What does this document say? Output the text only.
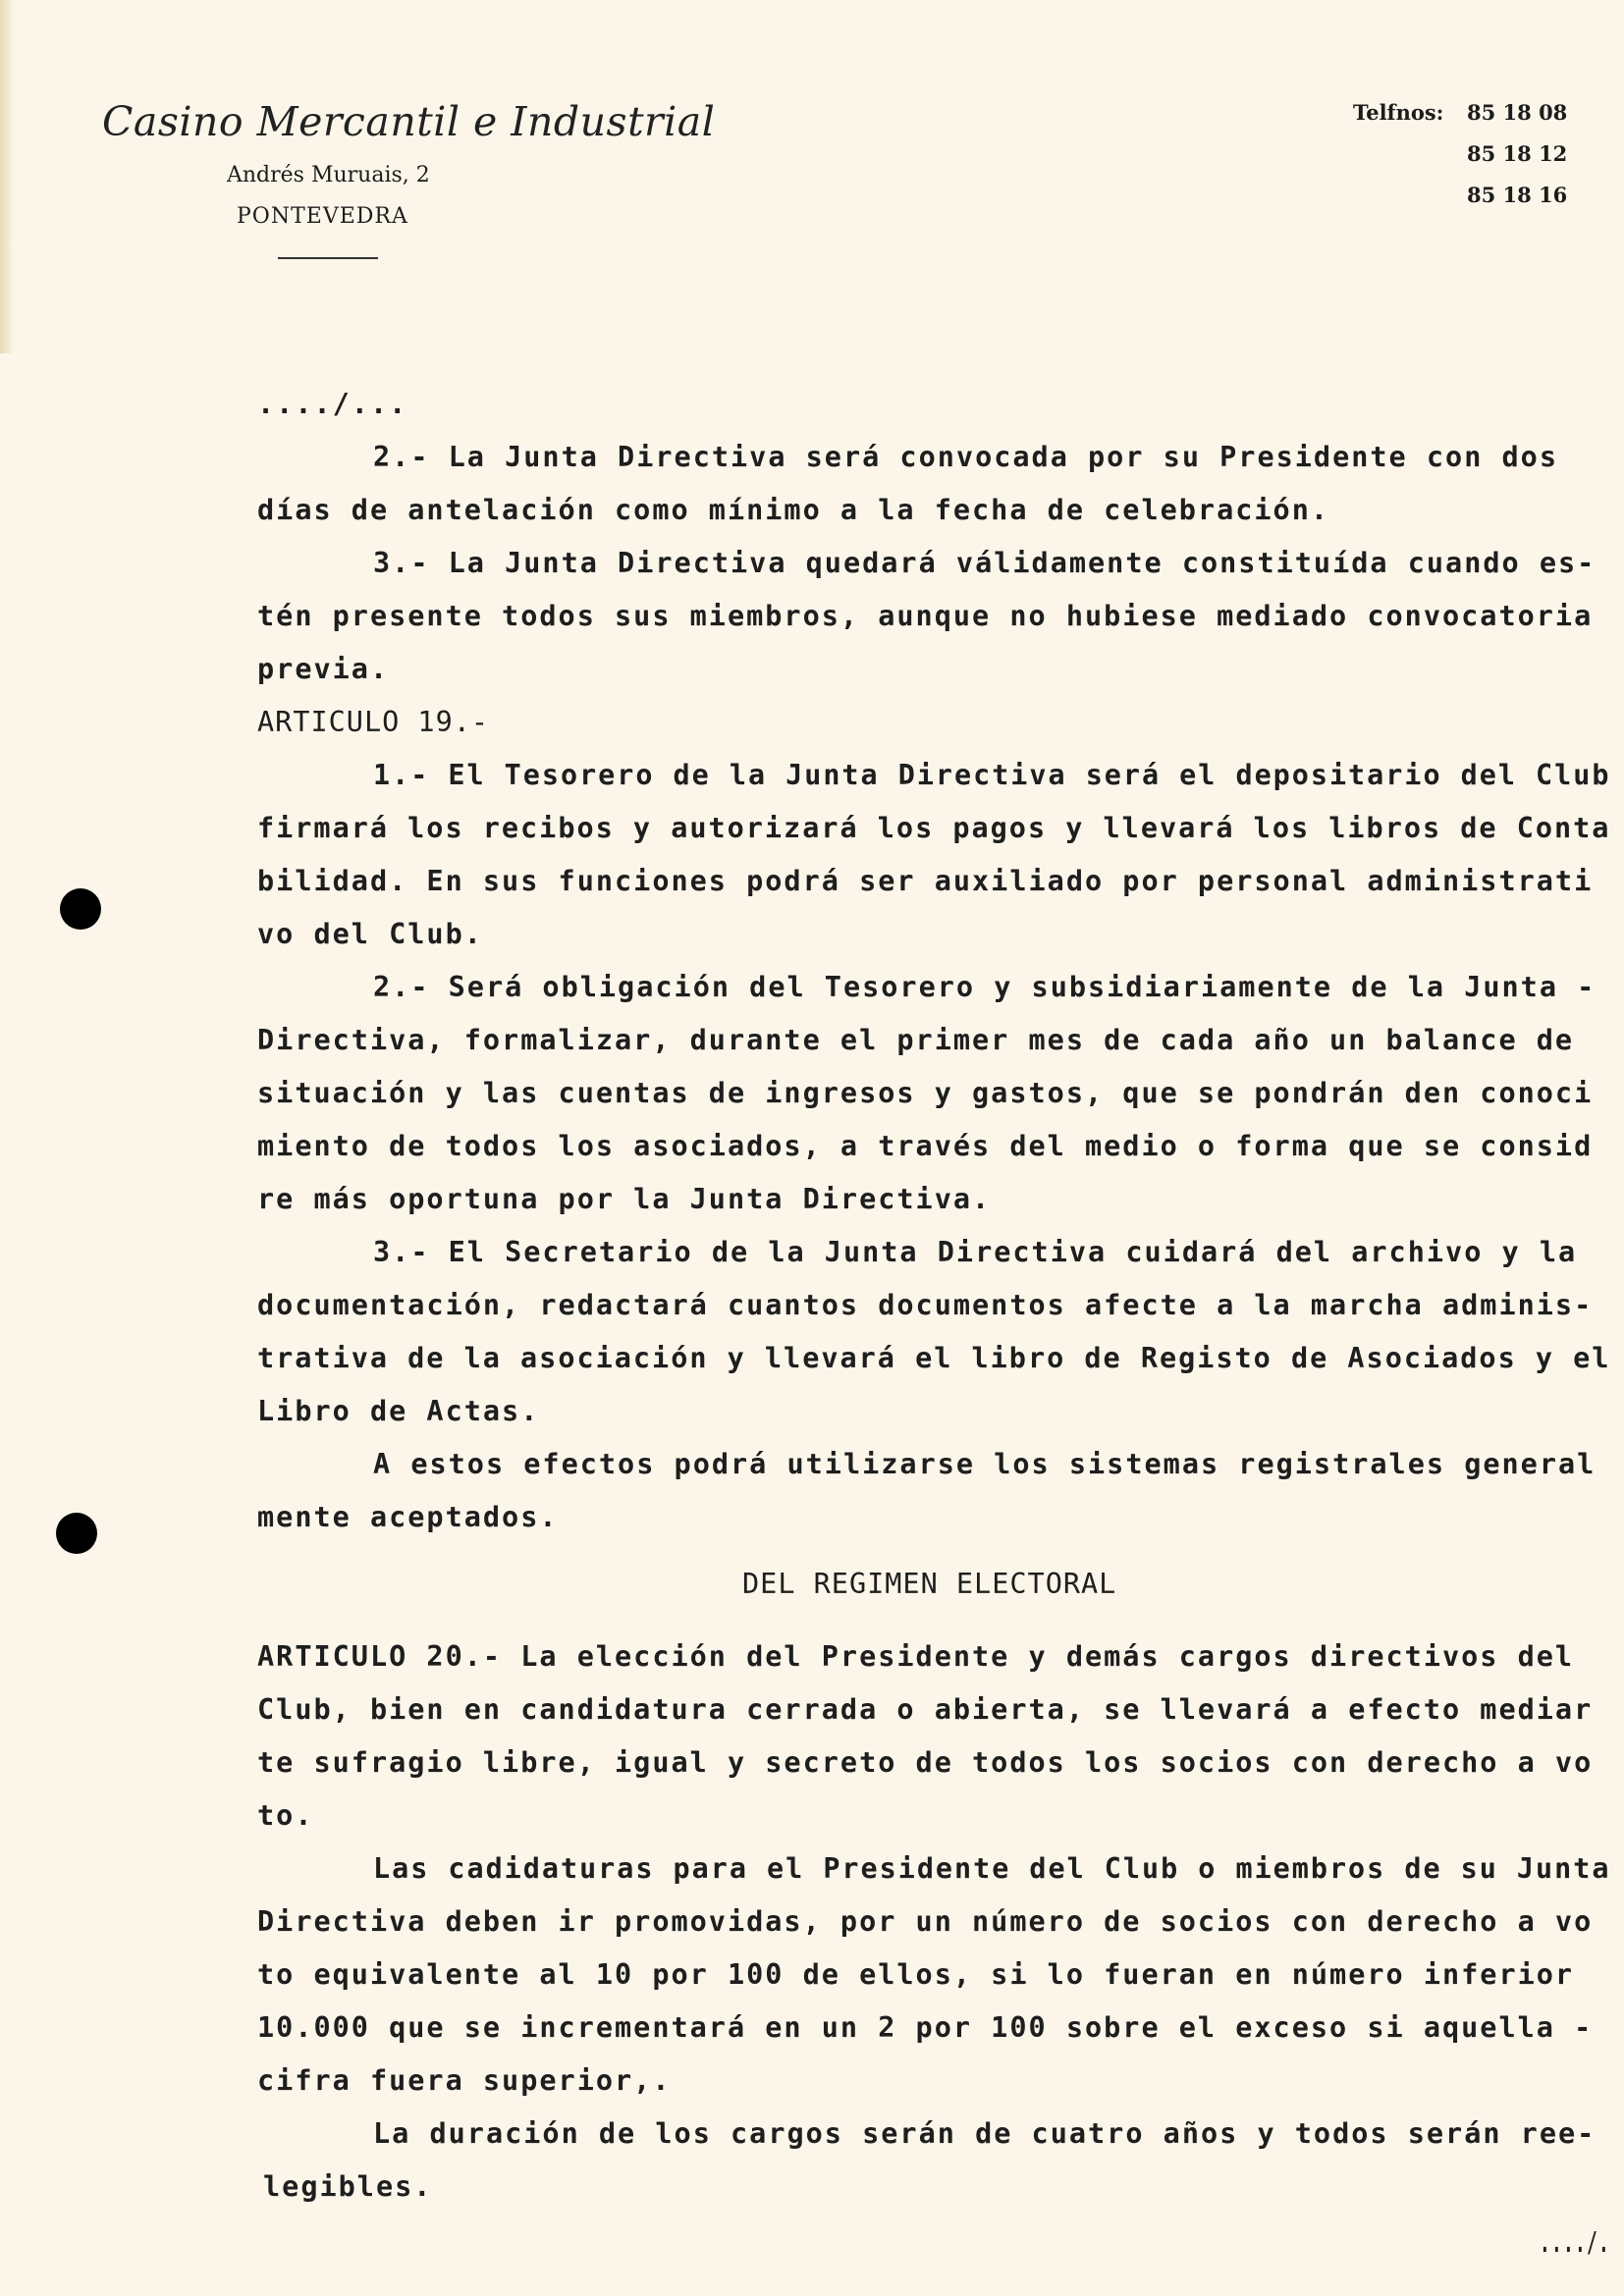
Casino Mercantil e Industrial
Andrés Muruais, 2
PONTEVEDRA
Telfnos: 85 18 08
85 18 12
85 18 16
..../...
2.- La Junta Directiva será convocada por su Presidente con dos
días de antelación como mínimo a la fecha de celebración.
3.- La Junta Directiva quedará válidamente constituída cuando es-
tén presente todos sus miembros, aunque no hubiese mediado convocatoria
previa.
ARTICULO 19.-
1.- El Tesorero de la Junta Directiva será el depositario del Club
firmará los recibos y autorizará los pagos y llevará los libros de Conta
bilidad. En sus funciones podrá ser auxiliado por personal administrati
vo del Club.
2.- Será obligación del Tesorero y subsidiariamente de la Junta -
Directiva, formalizar, durante el primer mes de cada año un balance de
situación y las cuentas de ingresos y gastos, que se pondrán den conoci
miento de todos los asociados, a través del medio o forma que se consid
re más oportuna por la Junta Directiva.
3.- El Secretario de la Junta Directiva cuidará del archivo y la
documentación, redactará cuantos documentos afecte a la marcha adminis-
trativa de la asociación y llevará el libro de Registo de Asociados y el
Libro de Actas.
A estos efectos podrá utilizarse los sistemas registrales general
mente aceptados.
DEL REGIMEN ELECTORAL
ARTICULO 20.- La elección del Presidente y demás cargos directivos del
Club, bien en candidatura cerrada o abierta, se llevará a efecto mediar
te sufragio libre, igual y secreto de todos los socios con derecho a vo
to.
Las cadidaturas para el Presidente del Club o miembros de su Junta
Directiva deben ir promovidas, por un número de socios con derecho a vo
to equivalente al 10 por 100 de ellos, si lo fueran en número inferior
10.000 que se incrementará en un 2 por 100 sobre el exceso si aquella -
cifra fuera superior,.
La duración de los cargos serán de cuatro años y todos serán ree-
legibles.
..../.
